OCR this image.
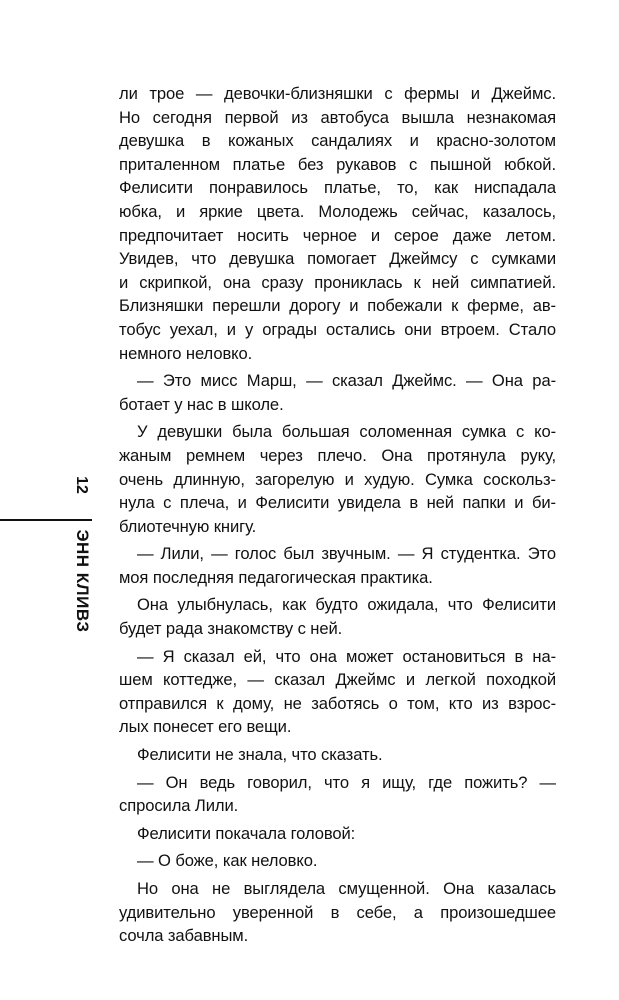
12
ЭНН КЛИВЗ
ли трое — девочки-близняшки с фермы и Джеймс.
Но сегодня первой из автобуса вышла незнакомая
девушка в кожаных сандалиях и красно-золотом
приталенном платье без рукавов с пышной юбкой.
Фелисити понравилось платье, то, как ниспадала
юбка, и яркие цвета. Молодежь сейчас, казалось,
предпочитает носить черное и серое даже летом.
Увидев, что девушка помогает Джеймсу с сумками
и скрипкой, она сразу прониклась к ней симпатией.
Близняшки перешли дорогу и побежали к ферме, ав-
тобус уехал, и у ограды остались они втроем. Стало
немного неловко.
— Это мисс Марш, — сказал Джеймс. — Она ра-
ботает у нас в школе.
У девушки была большая соломенная сумка с ко-
жаным ремнем через плечо. Она протянула руку,
очень длинную, загорелую и худую. Сумка соскольз-
нула с плеча, и Фелисити увидела в ней папки и би-
блиотечную книгу.
— Лили, — голос был звучным. — Я студентка. Это
моя последняя педагогическая практика.
Она улыбнулась, как будто ожидала, что Фелисити
будет рада знакомству с ней.
— Я сказал ей, что она может остановиться в на-
шем коттедже, — сказал Джеймс и легкой походкой
отправился к дому, не заботясь о том, кто из взрос-
лых понесет его вещи.
Фелисити не знала, что сказать.
— Он ведь говорил, что я ищу, где пожить? —
спросила Лили.
Фелисити покачала головой:
— О боже, как неловко.
Но она не выглядела смущенной. Она казалась
удивительно уверенной в себе, а произошедшее
сочла забавным.
